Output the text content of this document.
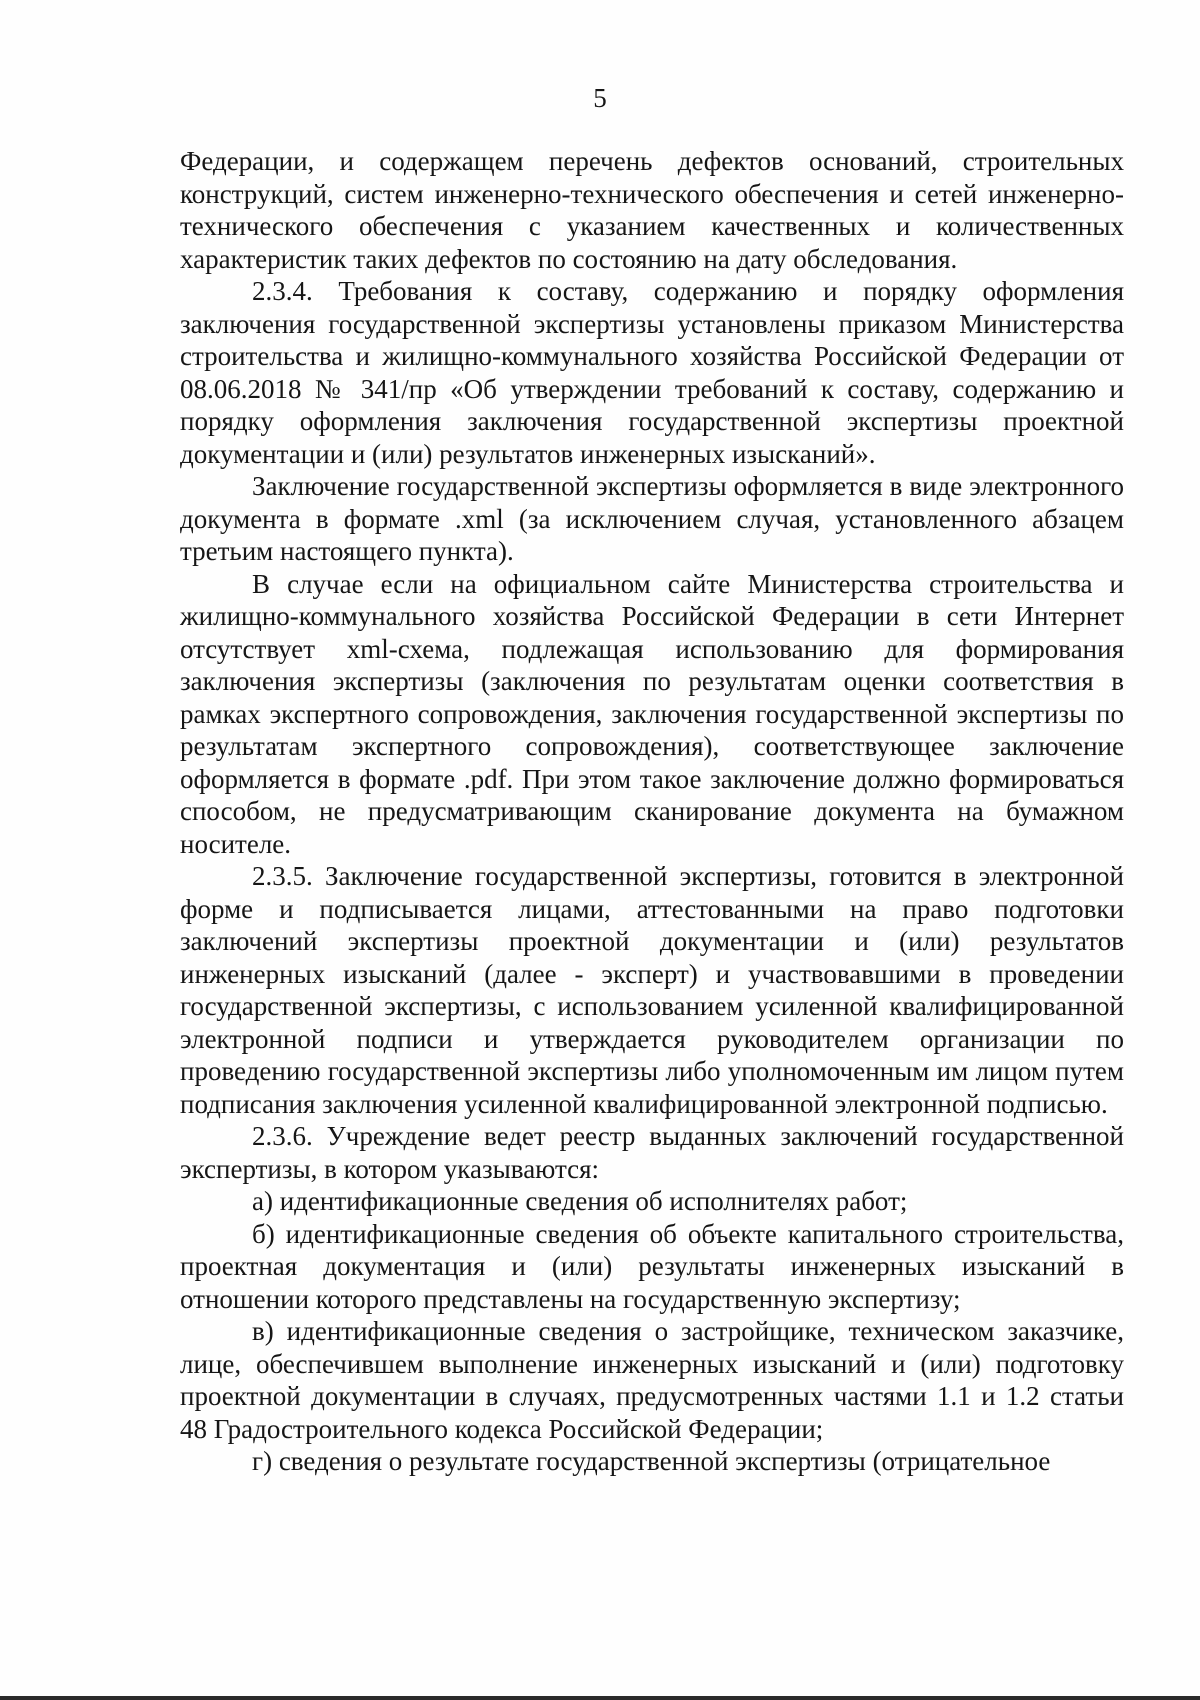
5

Федерации, и содержащем перечень дефектов оснований, строительных конструкций, систем инженерно-технического обеспечения и сетей инженерно-технического обеспечения с указанием качественных и количественных характеристик таких дефектов по состоянию на дату обследования.

2.3.4. Требования к составу, содержанию и порядку оформления заключения государственной экспертизы установлены приказом Министерства строительства и жилищно-коммунального хозяйства Российской Федерации от 08.06.2018 № 341/пр «Об утверждении требований к составу, содержанию и порядку оформления заключения государственной экспертизы проектной документации и (или) результатов инженерных изысканий».

Заключение государственной экспертизы оформляется в виде электронного документа в формате .xml (за исключением случая, установленного абзацем третьим настоящего пункта).

В случае если на официальном сайте Министерства строительства и жилищно-коммунального хозяйства Российской Федерации в сети Интернет отсутствует xml-схема, подлежащая использованию для формирования заключения экспертизы (заключения по результатам оценки соответствия в рамках экспертного сопровождения, заключения государственной экспертизы по результатам экспертного сопровождения), соответствующее заключение оформляется в формате .pdf. При этом такое заключение должно формироваться способом, не предусматривающим сканирование документа на бумажном носителе.

2.3.5. Заключение государственной экспертизы, готовится в электронной форме и подписывается лицами, аттестованными на право подготовки заключений экспертизы проектной документации и (или) результатов инженерных изысканий (далее - эксперт) и участвовавшими в проведении государственной экспертизы, с использованием усиленной квалифицированной электронной подписи и утверждается руководителем организации по проведению государственной экспертизы либо уполномоченным им лицом путем подписания заключения усиленной квалифицированной электронной подписью.

2.3.6. Учреждение ведет реестр выданных заключений государственной экспертизы, в котором указываются:

а) идентификационные сведения об исполнителях работ;

б) идентификационные сведения об объекте капитального строительства, проектная документация и (или) результаты инженерных изысканий в отношении которого представлены на государственную экспертизу;

в) идентификационные сведения о застройщике, техническом заказчике, лице, обеспечившем выполнение инженерных изысканий и (или) подготовку проектной документации в случаях, предусмотренных частями 1.1 и 1.2 статьи 48 Градостроительного кодекса Российской Федерации;

г) сведения о результате государственной экспертизы (отрицательное
